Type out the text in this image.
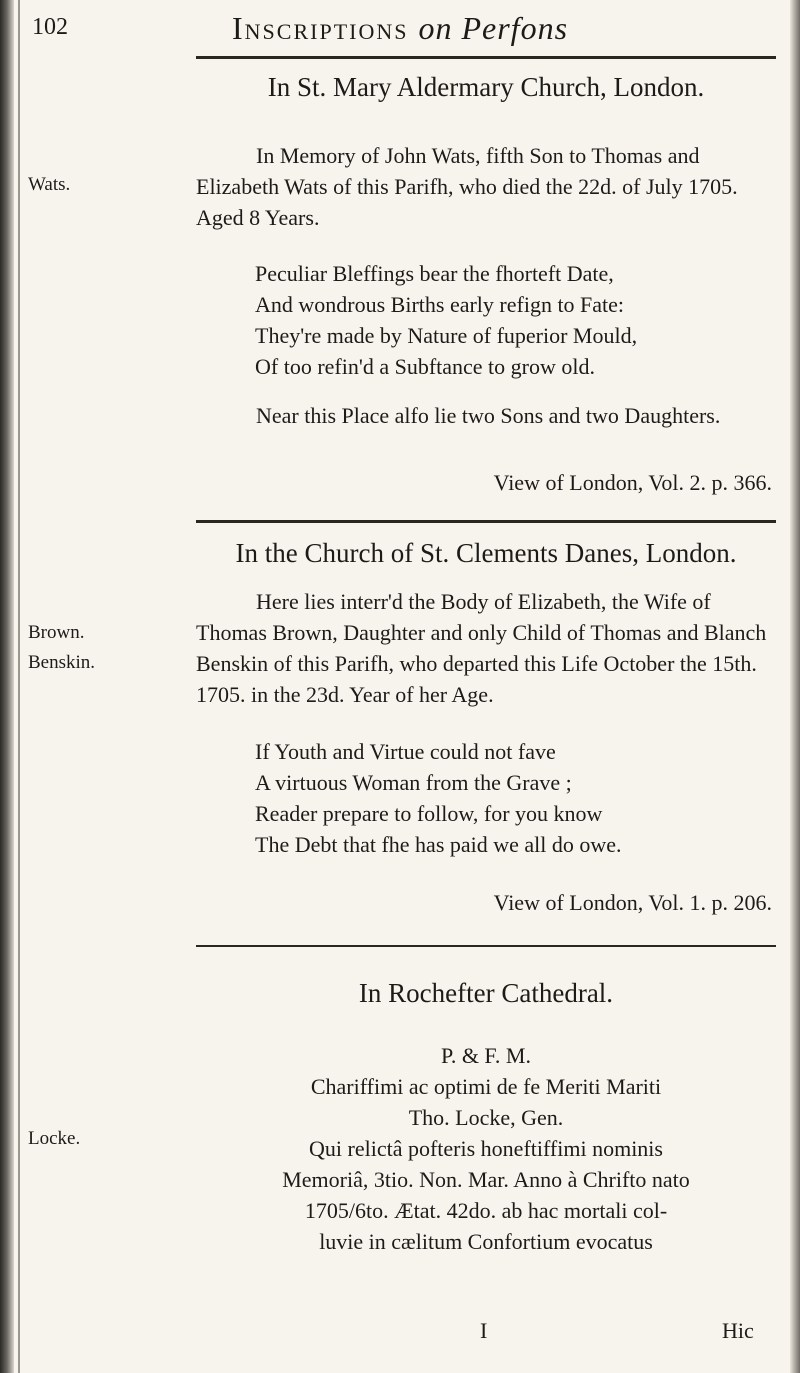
102	Inscriptions on Perfons
In St. Mary Aldermary Church, London.
Wats.

In Memory of John Wats, fifth Son to Thomas and Elizabeth Wats of this Parifh, who died the 22d. of July 1705. Aged 8 Years.

Peculiar Bleffings bear the fhorteft Date,
And wondrous Births early refign to Fate:
They're made by Nature of fuperior Mould,
Of too refin'd a Subftance to grow old.

Near this Place alfo lie two Sons and two Daughters.

View of London, Vol. 2. p. 366.
In the Church of St. Clements Danes, London.
Brown.
Benskin.

Here lies interr'd the Body of Elizabeth, the Wife of Thomas Brown, Daughter and only Child of Thomas and Blanch Benskin of this Parifh, who departed this Life October the 15th. 1705. in the 23d. Year of her Age.

If Youth and Virtue could not fave
A virtuous Woman from the Grave ;
Reader prepare to follow, for you know
The Debt that fhe has paid we all do owe.
View of London, Vol. 1. p. 206.
In Rochefter Cathedral.
Locke.
P. & F. M.
Chariffimi ac optimi de fe Meriti Mariti
Tho. Locke, Gen.
Qui relictâ pofteris honeftiffimi nominis
Memoriâ, 3tio. Non. Mar. Anno à Chrifto nato
1705/6to. Ætat. 42do. ab hac mortali col-
luvie in cælitum Confortium evocatus
I	Hic
